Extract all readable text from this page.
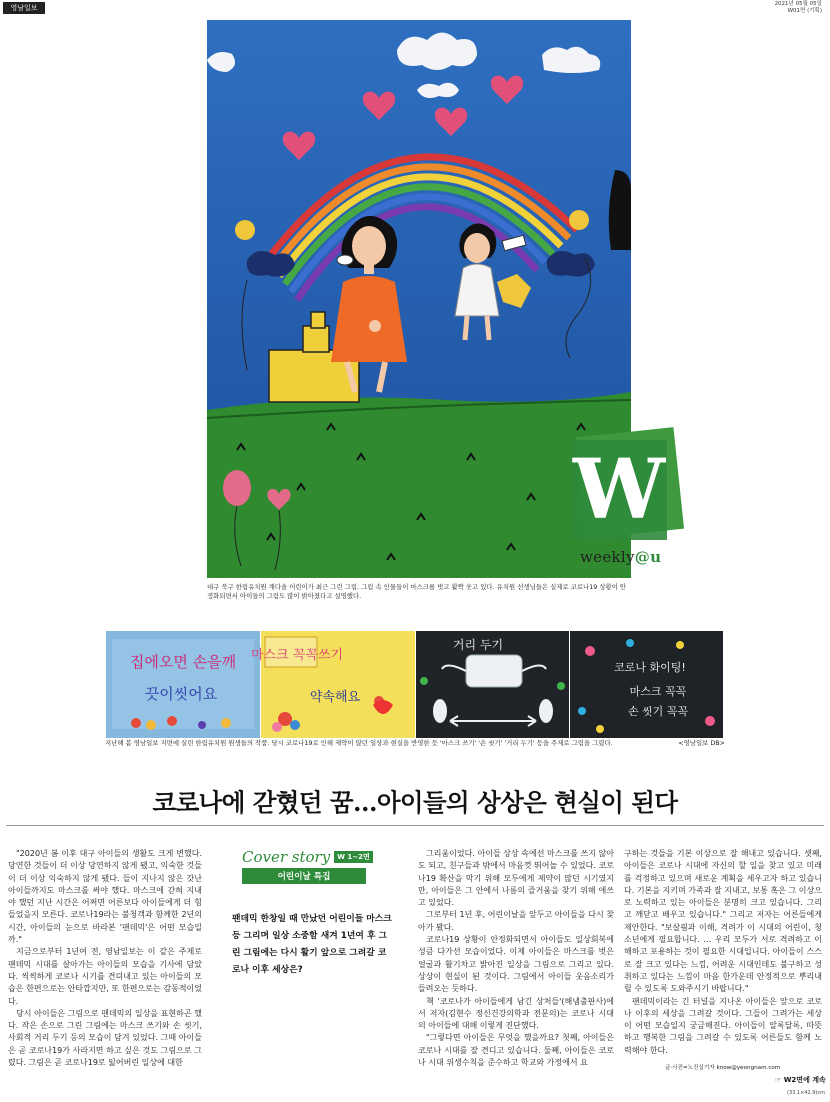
영남일보	2021년 05월 05일
W01면 (기획)
W
weekly@u
대구 북구 한림유치원 계다솔 어린이가 최근 그린 그림. 그림 속 인물들이 마스크를 벗고 활짝 웃고 있다. 유치원 선생님들은 실제로 코로나19 상황이 안정화되면서 아이들의 그림도 많이 밝아졌다고 설명했다.
집에오면 손을깨
끗이씻어요
마스크 꼭꼭쓰기
약속해요
거리 두기
코로나 화이팅!
마스크 꼭꼭
손 씻기 꼭꼭
지난해 봄 영남일보 지면에 실린 한림유치원 원생들의 작품. 당시 코로나19로 인해 제약이 많던 일상과 현실을 반영한 듯 '마스크 쓰기' '손 씻기' '거리 두기' 등을 주제로 그림을 그렸다.	<영남일보 DB>
코로나에 갇혔던 꿈…아이들의 상상은 현실이 된다

"2020년 봄 이후 대구 아이들의 생활도 크게 변했다. 당연한 것들이 더 이상 당연하지 않게 됐고, 익숙한 것들이 더 이상 익숙하지 않게 됐다. 들이 지나지 않은 갓난아이들까지도 마스크를 써야 했다. 마스크에 갇혀 지내야 했던 지난 시간은 어쩌면 어른보다 아이들에게 더 힘들었을지 모른다. 코로나19라는 불청객과 함께한 2년의 시간, 아이들의 눈으로 바라본 '팬데믹'은 어떤 모습일까."

지금으로부터 1년여 전, 영남일보는 이 같은 주제로 팬데믹 시대를 살아가는 아이들의 모습을 기사에 담았다. 씩씩하게 코로나 시기를 견뎌내고 있는 아이들의 모습은 한편으로는 안타깝지만, 또 한편으로는 감동적이었다.

당시 아이들은 그림으로 팬데믹의 일상을 표현하곤 했다. 작은 손으로 그린 그림에는 마스크 쓰기와 손 씻기, 사회적 거리 두기 등의 모습이 담겨 있었다. 그때 아이들은 곧 코로나19가 사라지면 하고 싶은 것도 그림으로 그렸다. 그림은 곧 코로나19로 잃어버린 일상에 대한

Cover story	W 1~2면
어린이날 특집
팬데믹 한창일 때 만났던 어린이들 마스크 등 그리며 일상 소중함 새겨 1년여 후 그린 그림에는 다시 활기 앞으로 그려갈 코로나 이후 세상은?

그리움이었다. 아이들 상상 속에선 마스크를 쓰지 않아도 되고, 친구들과 밖에서 마음껏 뛰어놀 수 있었다. 코로나19 확산을 막기 위해 모두에게 제약이 많던 시기였지만, 아이들은 그 안에서 나름의 즐거움을 찾기 위해 애쓰고 있었다.

그로부터 1년 후, 어린이날을 앞두고 아이들을 다시 찾아가 봤다.

코로나19 상황이 안정화되면서 아이들도 일상회복에 성큼 다가선 모습이었다. 이제 아이들은 마스크를 벗은 얼굴과 활기차고 밝아진 일상을 그림으로 그리고 있다. 상상이 현실이 된 것이다. 그림에서 아이들 웃음소리가 들려오는 듯하다.

책 '코로나가 아이들에게 남긴 상처들'(해냄출판사)에서 저자(김현수 정신건강의학과 전문의)는 코로나 시대의 아이들에 대해 이렇게 진단했다.

"그렇다면 아이들은 무엇을 했을까요? 첫째, 아이들은 코로나 시대를 잘 견디고 있습니다. 둘째, 아이들은 코로나 시대 위생수칙을 준수하고 학교와 가정에서 요

구하는 것들을 기본 이상으로 잘 해내고 있습니다. 셋째, 아이들은 코로나 시대에 자신의 할 일을 찾고 있고 미래를 걱정하고 있으며 새로운 계획을 세우고자 하고 있습니다. 기본을 지키며 가족과 잘 지내고, 보통 혹은 그 이상으로 노력하고 있는 아이들은 분명히 크고 있습니다. 그리고 깨닫고 배우고 있습니다." 그리고 저자는 어른들에게 제안한다. "보살핌과 이해, 격려가 이 시대의 어린이, 청소년에게 필요합니다. … 우리 모두가 서로 격려하고 이해하고 포용하는 것이 필요한 시대입니다. 아이들이 스스로 잘 크고 있다는 느낌, 어려운 시대인데도 불구하고 성취하고 있다는 느낌이 마음 한가운데 안정적으로 뿌리내릴 수 있도록 도와주시기 바랍니다."

팬데믹이라는 긴 터널을 지나온 아이들은 앞으로 코로나 이후의 세상을 그려갈 것이다. 그들이 그려가는 세상이 어떤 모습일지 궁금해진다. 아이들이 알록달록, 따뜻하고 행복한 그림을 그려갈 수 있도록 어른들도 함께 노력해야 한다.

글·사진=노진실기자 know@yeongnam.com
☞ W2면에 계속
(33.1×42.9)cm
